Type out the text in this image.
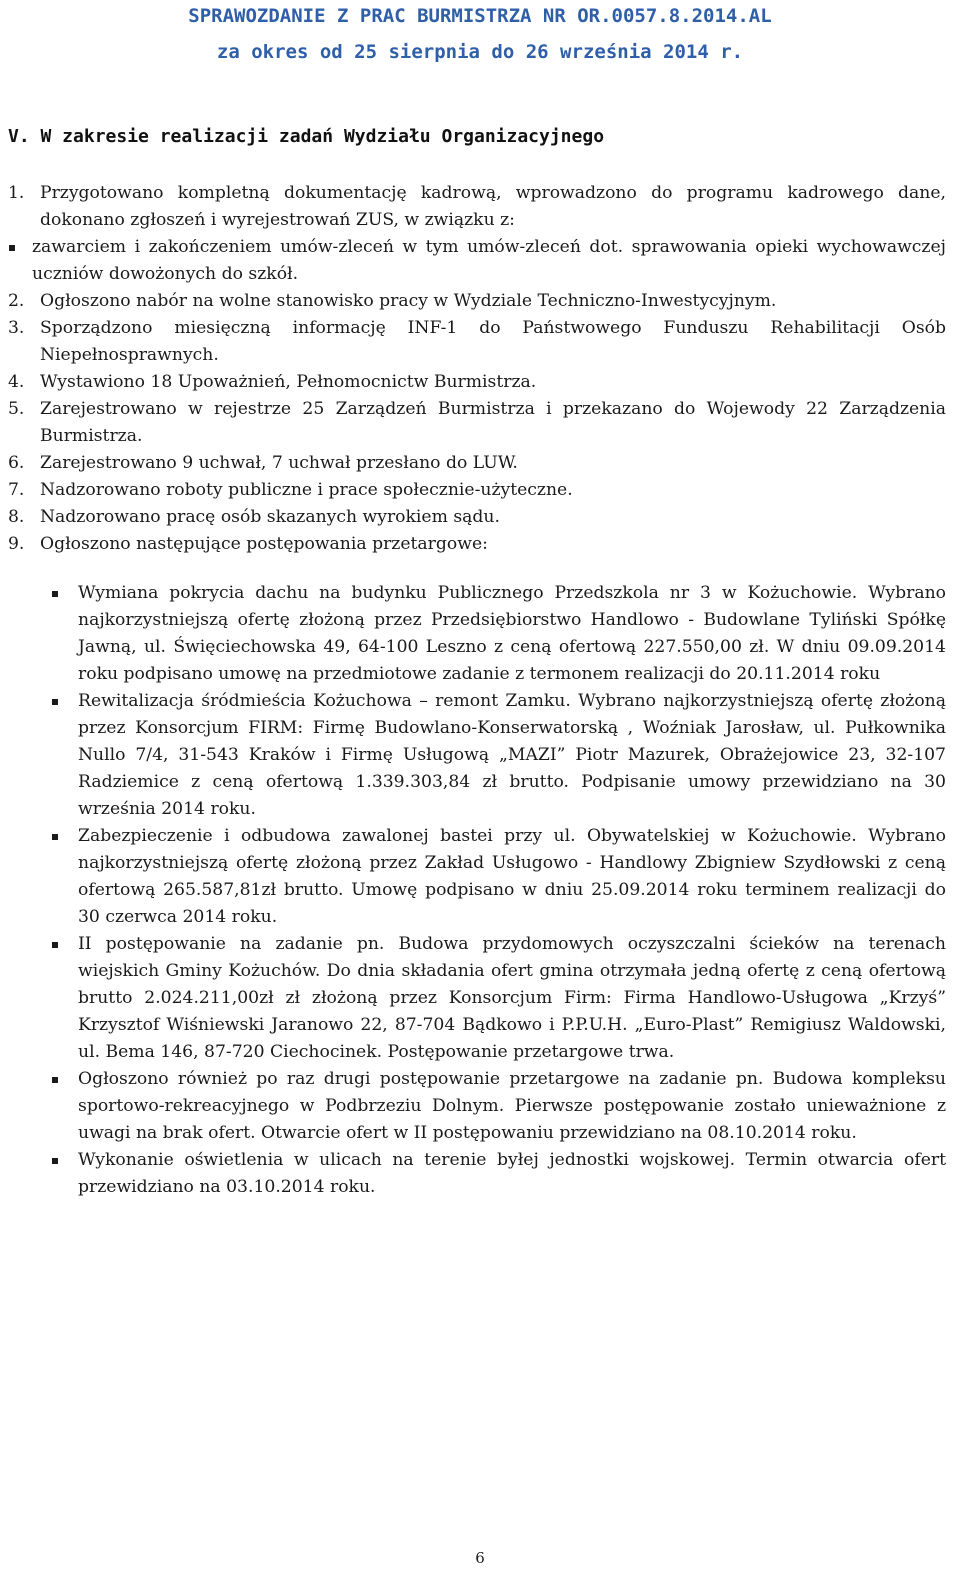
SPRAWOZDANIE Z PRAC BURMISTRZA NR OR.0057.8.2014.AL
za okres od 25 sierpnia do 26 września 2014 r.
V. W zakresie realizacji zadań Wydziału Organizacyjnego
1. Przygotowano kompletną dokumentację kadrową, wprowadzono do programu kadrowego dane, dokonano zgłoszeń i wyrejestrowań ZUS, w związku z:
zawarciem i zakończeniem umów-zleceń w tym umów-zleceń dot. sprawowania opieki wychowawczej uczniów dowożonych do szkół.
2. Ogłoszono nabór na wolne stanowisko pracy w Wydziale Techniczno-Inwestycyjnym.
3. Sporządzono miesięczną informację INF-1 do Państwowego Funduszu Rehabilitacji Osób Niepełnosprawnych.
4. Wystawiono 18 Upoważnień, Pełnomocnictw Burmistrza.
5. Zarejestrowano w rejestrze 25 Zarządzeń Burmistrza i przekazano do Wojewody 22 Zarządzenia Burmistrza.
6. Zarejestrowano 9 uchwał, 7 uchwał przesłano do LUW.
7. Nadzorowano roboty publiczne i prace społecznie-użyteczne.
8. Nadzorowano pracę osób skazanych wyrokiem sądu.
9. Ogłoszono następujące postępowania przetargowe:
Wymiana pokrycia dachu na budynku Publicznego Przedszkola nr 3 w Kożuchowie. Wybrano najkorzystniejszą ofertę złożoną przez Przedsiębiorstwo Handlowo - Budowlane Tyliński Spółkę Jawną, ul. Święciechowska 49, 64-100 Leszno z ceną ofertową 227.550,00 zł. W dniu 09.09.2014 roku podpisano umowę na przedmiotowe zadanie z termonem realizacji do 20.11.2014 roku
Rewitalizacja śródmieścia Kożuchowa – remont Zamku. Wybrano najkorzystniejszą ofertę złożoną przez Konsorcjum FIRM: Firmę Budowlano-Konserwatorską , Woźniak Jarosław, ul. Pułkownika Nullo 7/4, 31-543 Kraków i Firmę Usługową „MAZI” Piotr Mazurek, Obrażejowice 23, 32-107 Radziemice z ceną ofertową 1.339.303,84 zł brutto. Podpisanie umowy przewidziano na 30 września 2014 roku.
Zabezpieczenie i odbudowa zawalonej bastei przy ul. Obywatelskiej w Kożuchowie. Wybrano najkorzystniejszą ofertę złożoną przez Zakład Usługowo - Handlowy Zbigniew Szydłowski z ceną ofertową 265.587,81zł brutto. Umowę podpisano w dniu 25.09.2014 roku terminem realizacji do 30 czerwca 2014 roku.
II postępowanie na zadanie pn. Budowa przydomowych oczyszczalni ścieków na terenach wiejskich Gminy Kożuchów. Do dnia składania ofert gmina otrzymała jedną ofertę z ceną ofertową brutto 2.024.211,00zł zł złożoną przez Konsorcjum Firm: Firma Handlowo-Usługowa „Krzyś” Krzysztof Wiśniewski Jaranowo 22, 87-704 Bądkowo i P.P.U.H. „Euro-Plast” Remigiusz Waldowski, ul. Bema 146, 87-720 Ciechocinek. Postępowanie przetargowe trwa.
Ogłoszono również po raz drugi postępowanie przetargowe na zadanie pn. Budowa kompleksu sportowo-rekreacyjnego w Podbrzeziu Dolnym. Pierwsze postępowanie zostało unieważnione z uwagi na brak ofert. Otwarcie ofert w II postępowaniu przewidziano na 08.10.2014 roku.
Wykonanie oświetlenia w ulicach na terenie byłej jednostki wojskowej. Termin otwarcia ofert przewidziano na 03.10.2014 roku.
6
